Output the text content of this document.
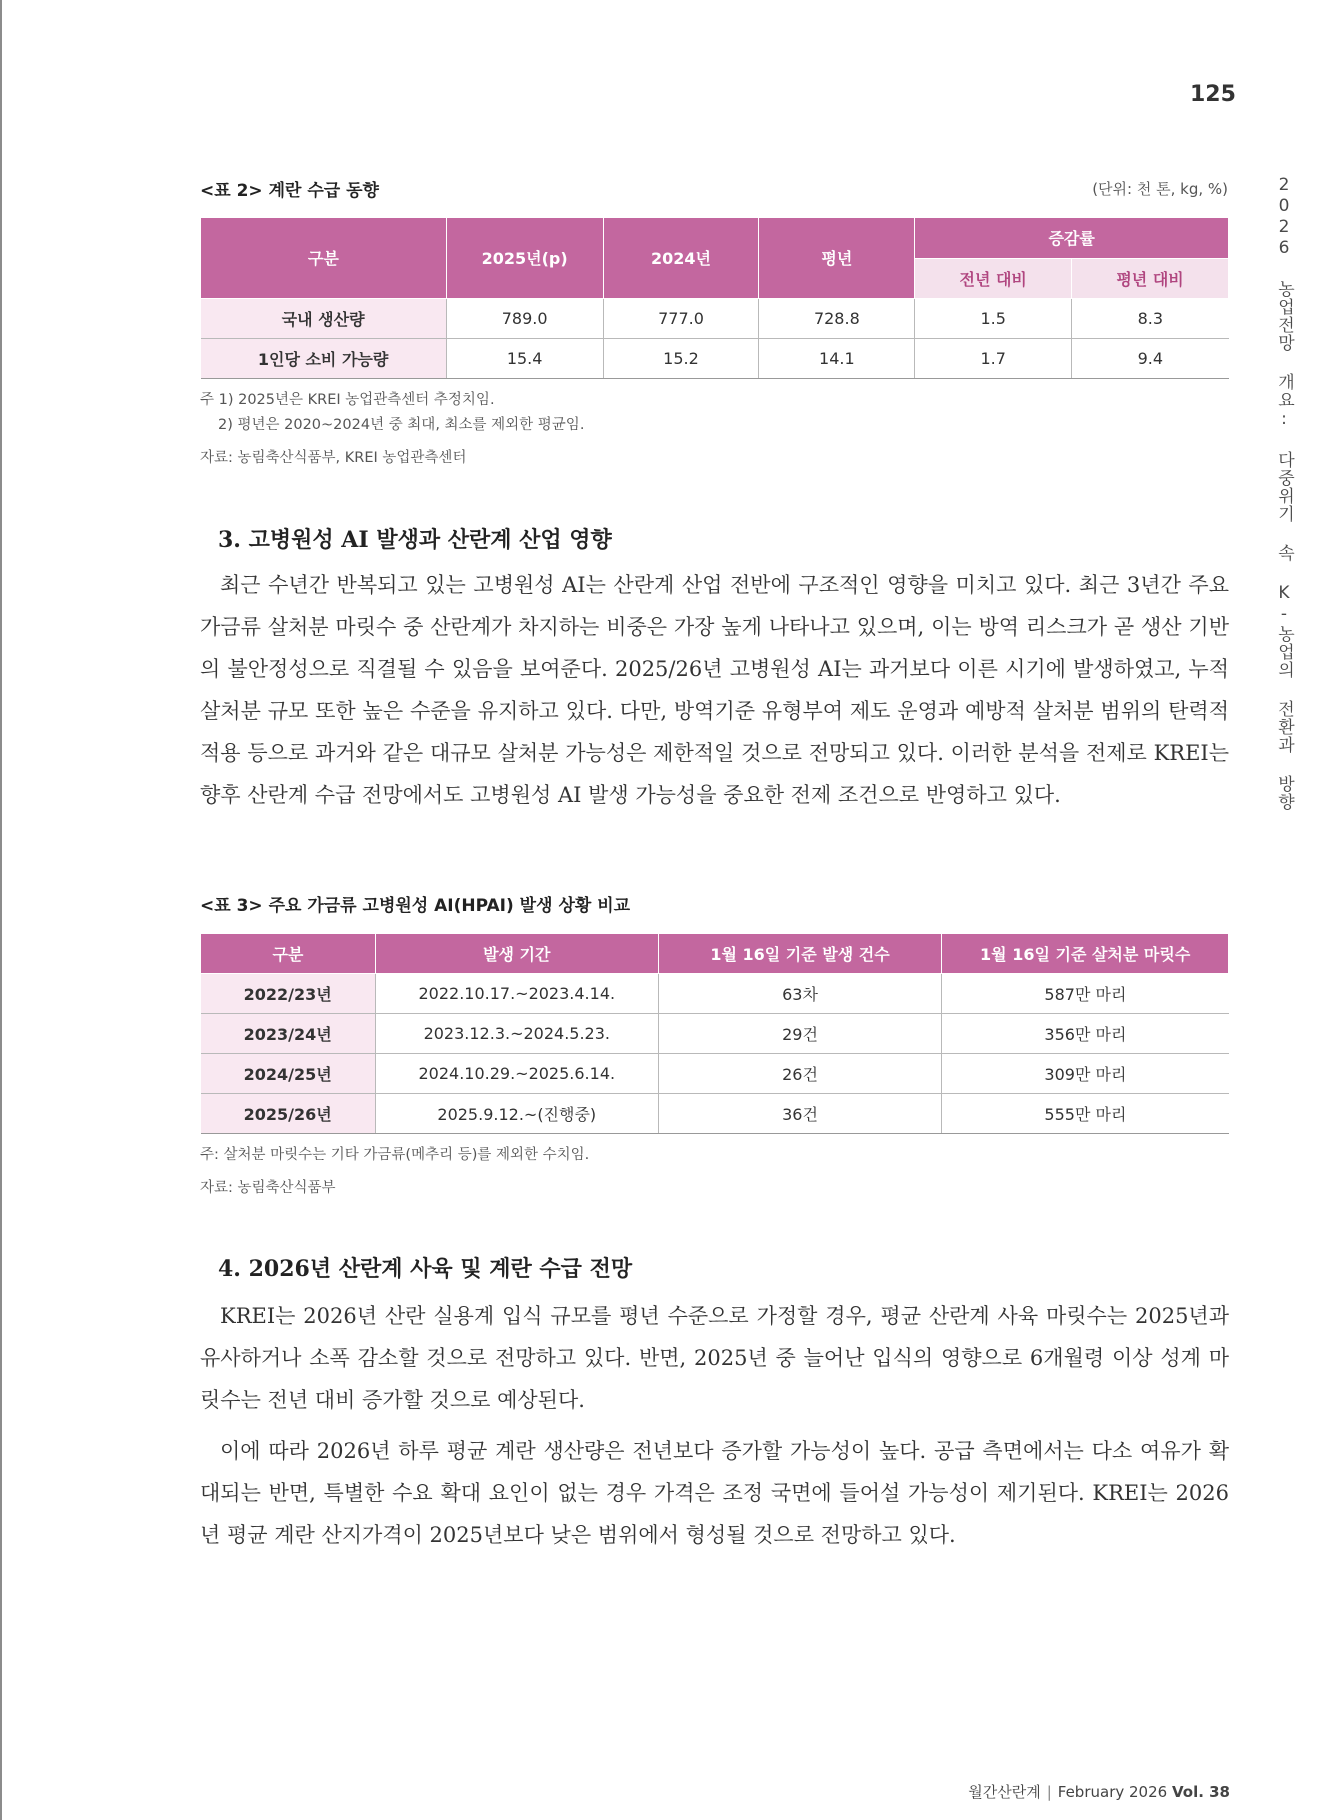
125
2026 농업전망 개요: 다중위기 속 K-농업의 전환과 방향
<표 2> 계란 수급 동향	(단위: 천 톤, kg, %)
구분	2025년(p)	2024년	평년	증감률	
				전년 대비	평년 대비
국내 생산량	789.0	777.0	728.8	1.5	8.3
1인당 소비 가능량	15.4	15.2	14.1	1.7	9.4
주 1) 2025년은 KREI 농업관측센터 추정치임.
2) 평년은 2020~2024년 중 최대, 최소를 제외한 평균임.
자료: 농림축산식품부, KREI 농업관측센터
3. 고병원성 AI 발생과 산란계 산업 영향

최근 수년간 반복되고 있는 고병원성 AI는 산란계 산업 전반에 구조적인 영향을 미치고 있다. 최근 3년간 주요 가금류 살처분 마릿수 중 산란계가 차지하는 비중은 가장 높게 나타나고 있으며, 이는 방역 리스크가 곧 생산 기반의 불안정성으로 직결될 수 있음을 보여준다. 2025/26년 고병원성 AI는 과거보다 이른 시기에 발생하였고, 누적 살처분 규모 또한 높은 수준을 유지하고 있다. 다만, 방역기준 유형부여 제도 운영과 예방적 살처분 범위의 탄력적 적용 등으로 과거와 같은 대규모 살처분 가능성은 제한적일 것으로 전망되고 있다. 이러한 분석을 전제로 KREI는 향후 산란계 수급 전망에서도 고병원성 AI 발생 가능성을 중요한 전제 조건으로 반영하고 있다.

<표 3> 주요 가금류 고병원성 AI(HPAI) 발생 상황 비교
구분	발생 기간	1월 16일 기준 발생 건수	1월 16일 기준 살처분 마릿수
2022/23년	2022.10.17.~2023.4.14.	63차	587만 마리
2023/24년	2023.12.3.~2024.5.23.	29건	356만 마리
2024/25년	2024.10.29.~2025.6.14.	26건	309만 마리
2025/26년	2025.9.12.~(진행중)	36건	555만 마리
주: 살처분 마릿수는 기타 가금류(메추리 등)를 제외한 수치임.
자료: 농림축산식품부
4. 2026년 산란계 사육 및 계란 수급 전망

KREI는 2026년 산란 실용계 입식 규모를 평년 수준으로 가정할 경우, 평균 산란계 사육 마릿수는 2025년과 유사하거나 소폭 감소할 것으로 전망하고 있다. 반면, 2025년 중 늘어난 입식의 영향으로 6개월령 이상 성계 마릿수는 전년 대비 증가할 것으로 예상된다.

이에 따라 2026년 하루 평균 계란 생산량은 전년보다 증가할 가능성이 높다. 공급 측면에서는 다소 여유가 확대되는 반면, 특별한 수요 확대 요인이 없는 경우 가격은 조정 국면에 들어설 가능성이 제기된다. KREI는 2026년 평균 계란 산지가격이 2025년보다 낮은 범위에서 형성될 것으로 전망하고 있다.

월간산란계 | February 2026 Vol. 38
